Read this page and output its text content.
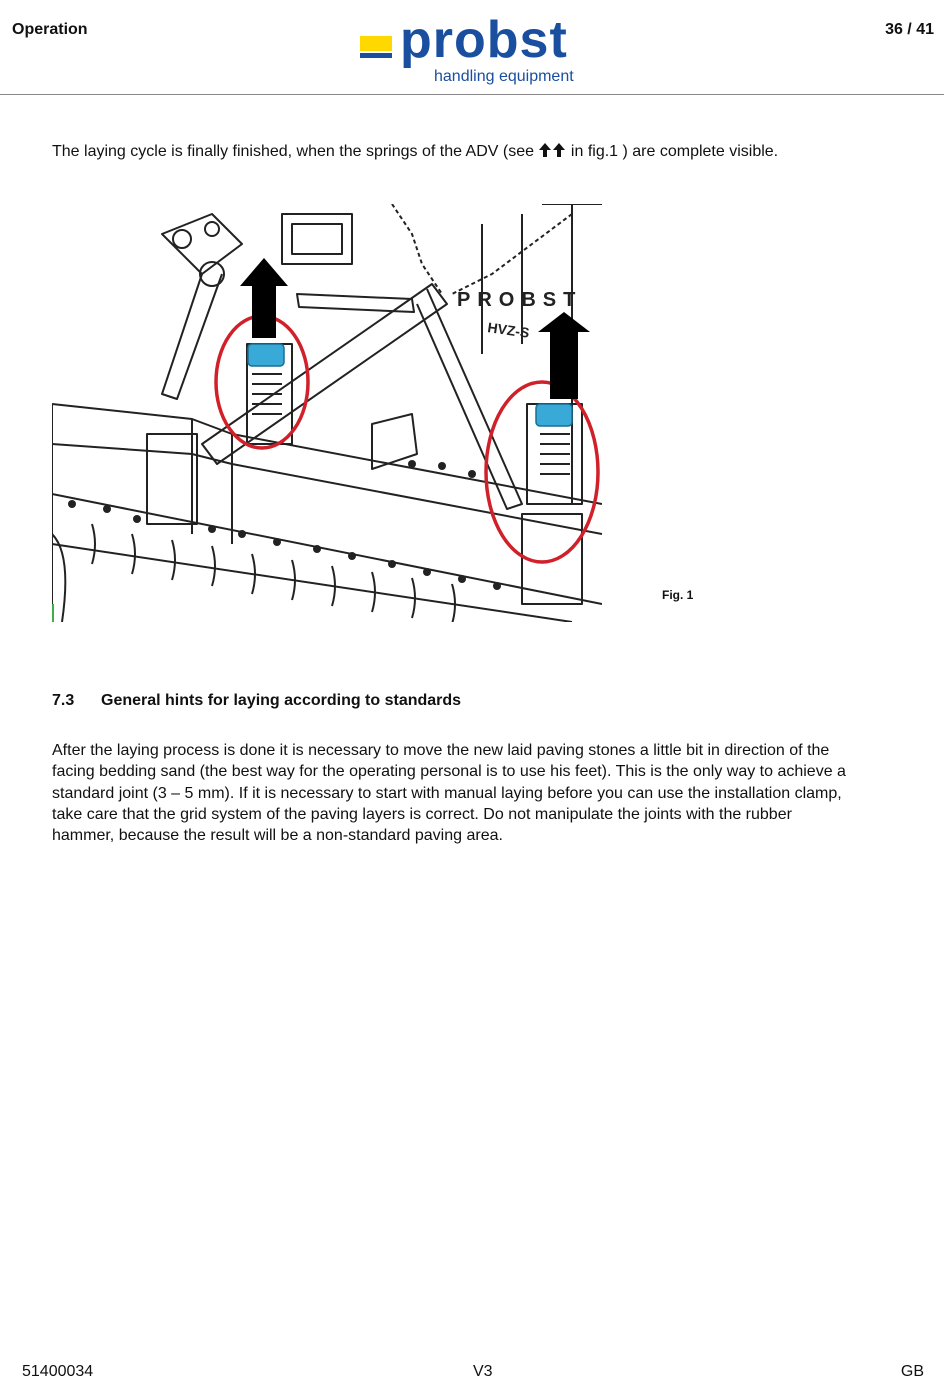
Operation	probst
handling equipment
36 / 41
The laying cycle is finally finished, when the springs of the ADV (see  in fig.1 ) are complete visible.
PROBST
HVZ-S
Fig. 1
7.3 General hints for laying according to standards
After the laying process is done it is necessary to move the new laid paving stones a little bit in direction of the
facing bedding sand (the best way for the operating personal is to use his feet). This is the only way to achieve a
standard joint (3 – 5 mm). If it is necessary to start with manual laying before you can use the installation clamp,
take care that the grid system of the paving layers is correct. Do not manipulate the joints with the rubber
hammer, because the result will be a non-standard paving area.
51400034	V3	GB
